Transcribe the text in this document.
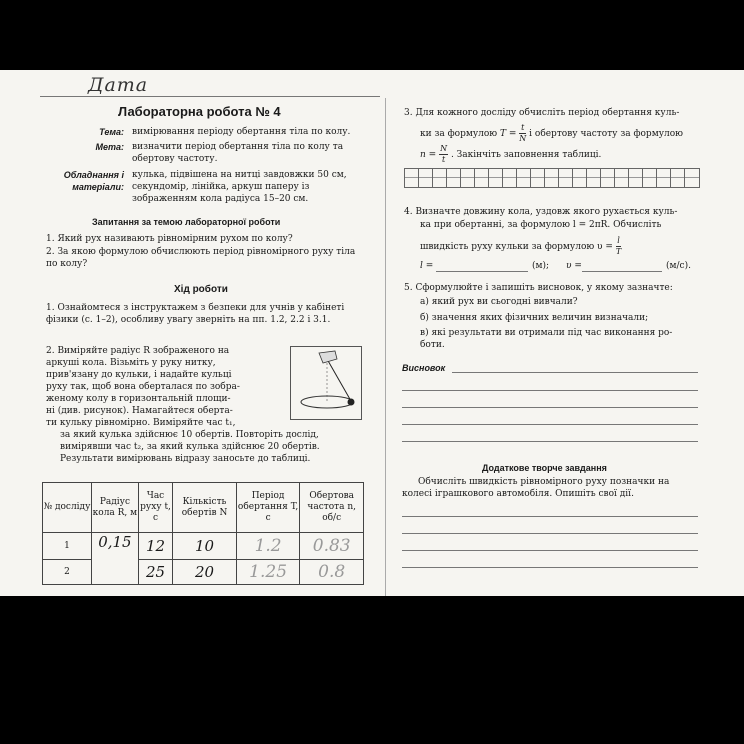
Дата
Лабораторна робота № 4
Тема: вимірювання періоду обертання тіла по колу.
Мета: визначити період обертання тіла по колу та обертову частоту.
Обладнання і матеріали:
кулька, підвішена на нитці завдовжки 50 см, секундомір, лінійка, аркуш паперу із зображенням кола радіуса 15–20 см.
Запитання за темою лабораторної роботи
1. Який рух називають рівномірним рухом по колу?
2. За якою формулою обчислюють період рівномірного руху тіла по колу?
Хід роботи
1. Ознайомтеся з інструктажем з безпеки для учнів у кабінеті фізики (с. 1–2), особливу увагу зверніть на пп. 1.2, 2.2 і 3.1.
2. Виміряйте радіус R зображеного на
аркуші кола. Візьміть у руку нитку,
прив'язану до кульки, і надайте кульці
руху так, щоб вона оберталася по зобра-
женому колу в горизонтальній площи-
ні (див. рисунок). Намагайтеся оберта-
ти кульку рівномірно. Виміряйте час t₁,
за який кулька здійснює 10 обертів. Повторіть дослід,
вимірявши час t₂, за який кулька здійснює 20 обертів.
Результати вимірювань відразу заносьте до таблиці.
№ досліду	Радіус кола R, м	Час руху t, с	Кількість обертів N	Період обертання T, с	Обертова частота n, об/с
1	0,15	12	10	1.2	0.83
2		25	20	1.25	0.8
3. Для кожного досліду обчисліть період обертання куль-
ки за формулою $T = \frac{t}{N}$ і обертову частоту за формулою
$n = \frac{N}{t}$ . Закінчіть заповнення таблиці.
4. Визначте довжину кола, уздовж якого рухається куль-
ка при обертанні, за формулою l = 2πR. Обчисліть
швидкість руху кульки за формулою $\upsilon = \frac{l}{T}$
l =	(м); υ =	(м/с).
5. Сформулюйте і запишіть висновок, у якому зазначте:
а) який рух ви сьогодні вивчали?
б) значення яких фізичних величин визначали;
в) які результати ви отримали під час виконання ро-
боти.
Висновок
Додаткове творче завдання
Обчисліть швидкість рівномірного руху позначки на
колесі іграшкового автомобіля. Опишіть свої дії.
